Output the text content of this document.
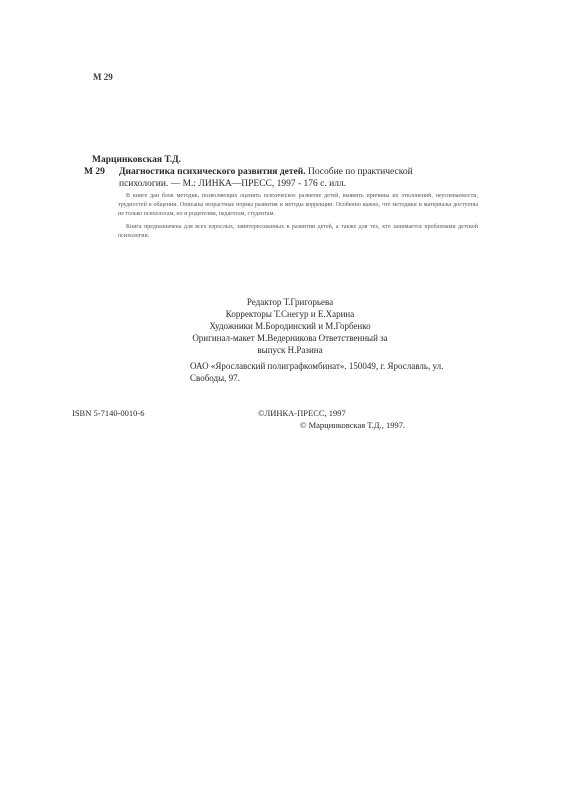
М 29
Марцинковская Т.Д.
М 29 Диагностика психического развития детей. Пособие по практической
психологии. — М.: ЛИНКА—ПРЕСС, 1997 - 176 с. илл.

В книге дан блок методик, позволяющих оценить психическое развитие детей, выявить причины их отклонений, неуспеваемости, трудностей в общении. Описаны возрастные нормы развития и методы коррекции. Особенно важно, что методики и материалы доступны не только психологам, но и родителям, педагогам, студентам.

Книга предназначена для всех взрослых, заинтересованных в развитии детей, а также для тех, кто занимается проблемами детской психологии.

Редактор Т.Григорьева
Корректоры Т.Снегур и Е.Харина
Художники М.Бородинский и М.Горбенко
Оригинал-макет М.Ведерникова Ответственный за
выпуск Н.Разина
ОАО «Ярославский полиграфкомбинат». 150049, г. Ярославль, ул. Свободы, 97.
ISBN 5-7140-0010-6	©ЛИНКА-ПРЕСС, 1997
© Марцинковская Т.Д., 1997.
